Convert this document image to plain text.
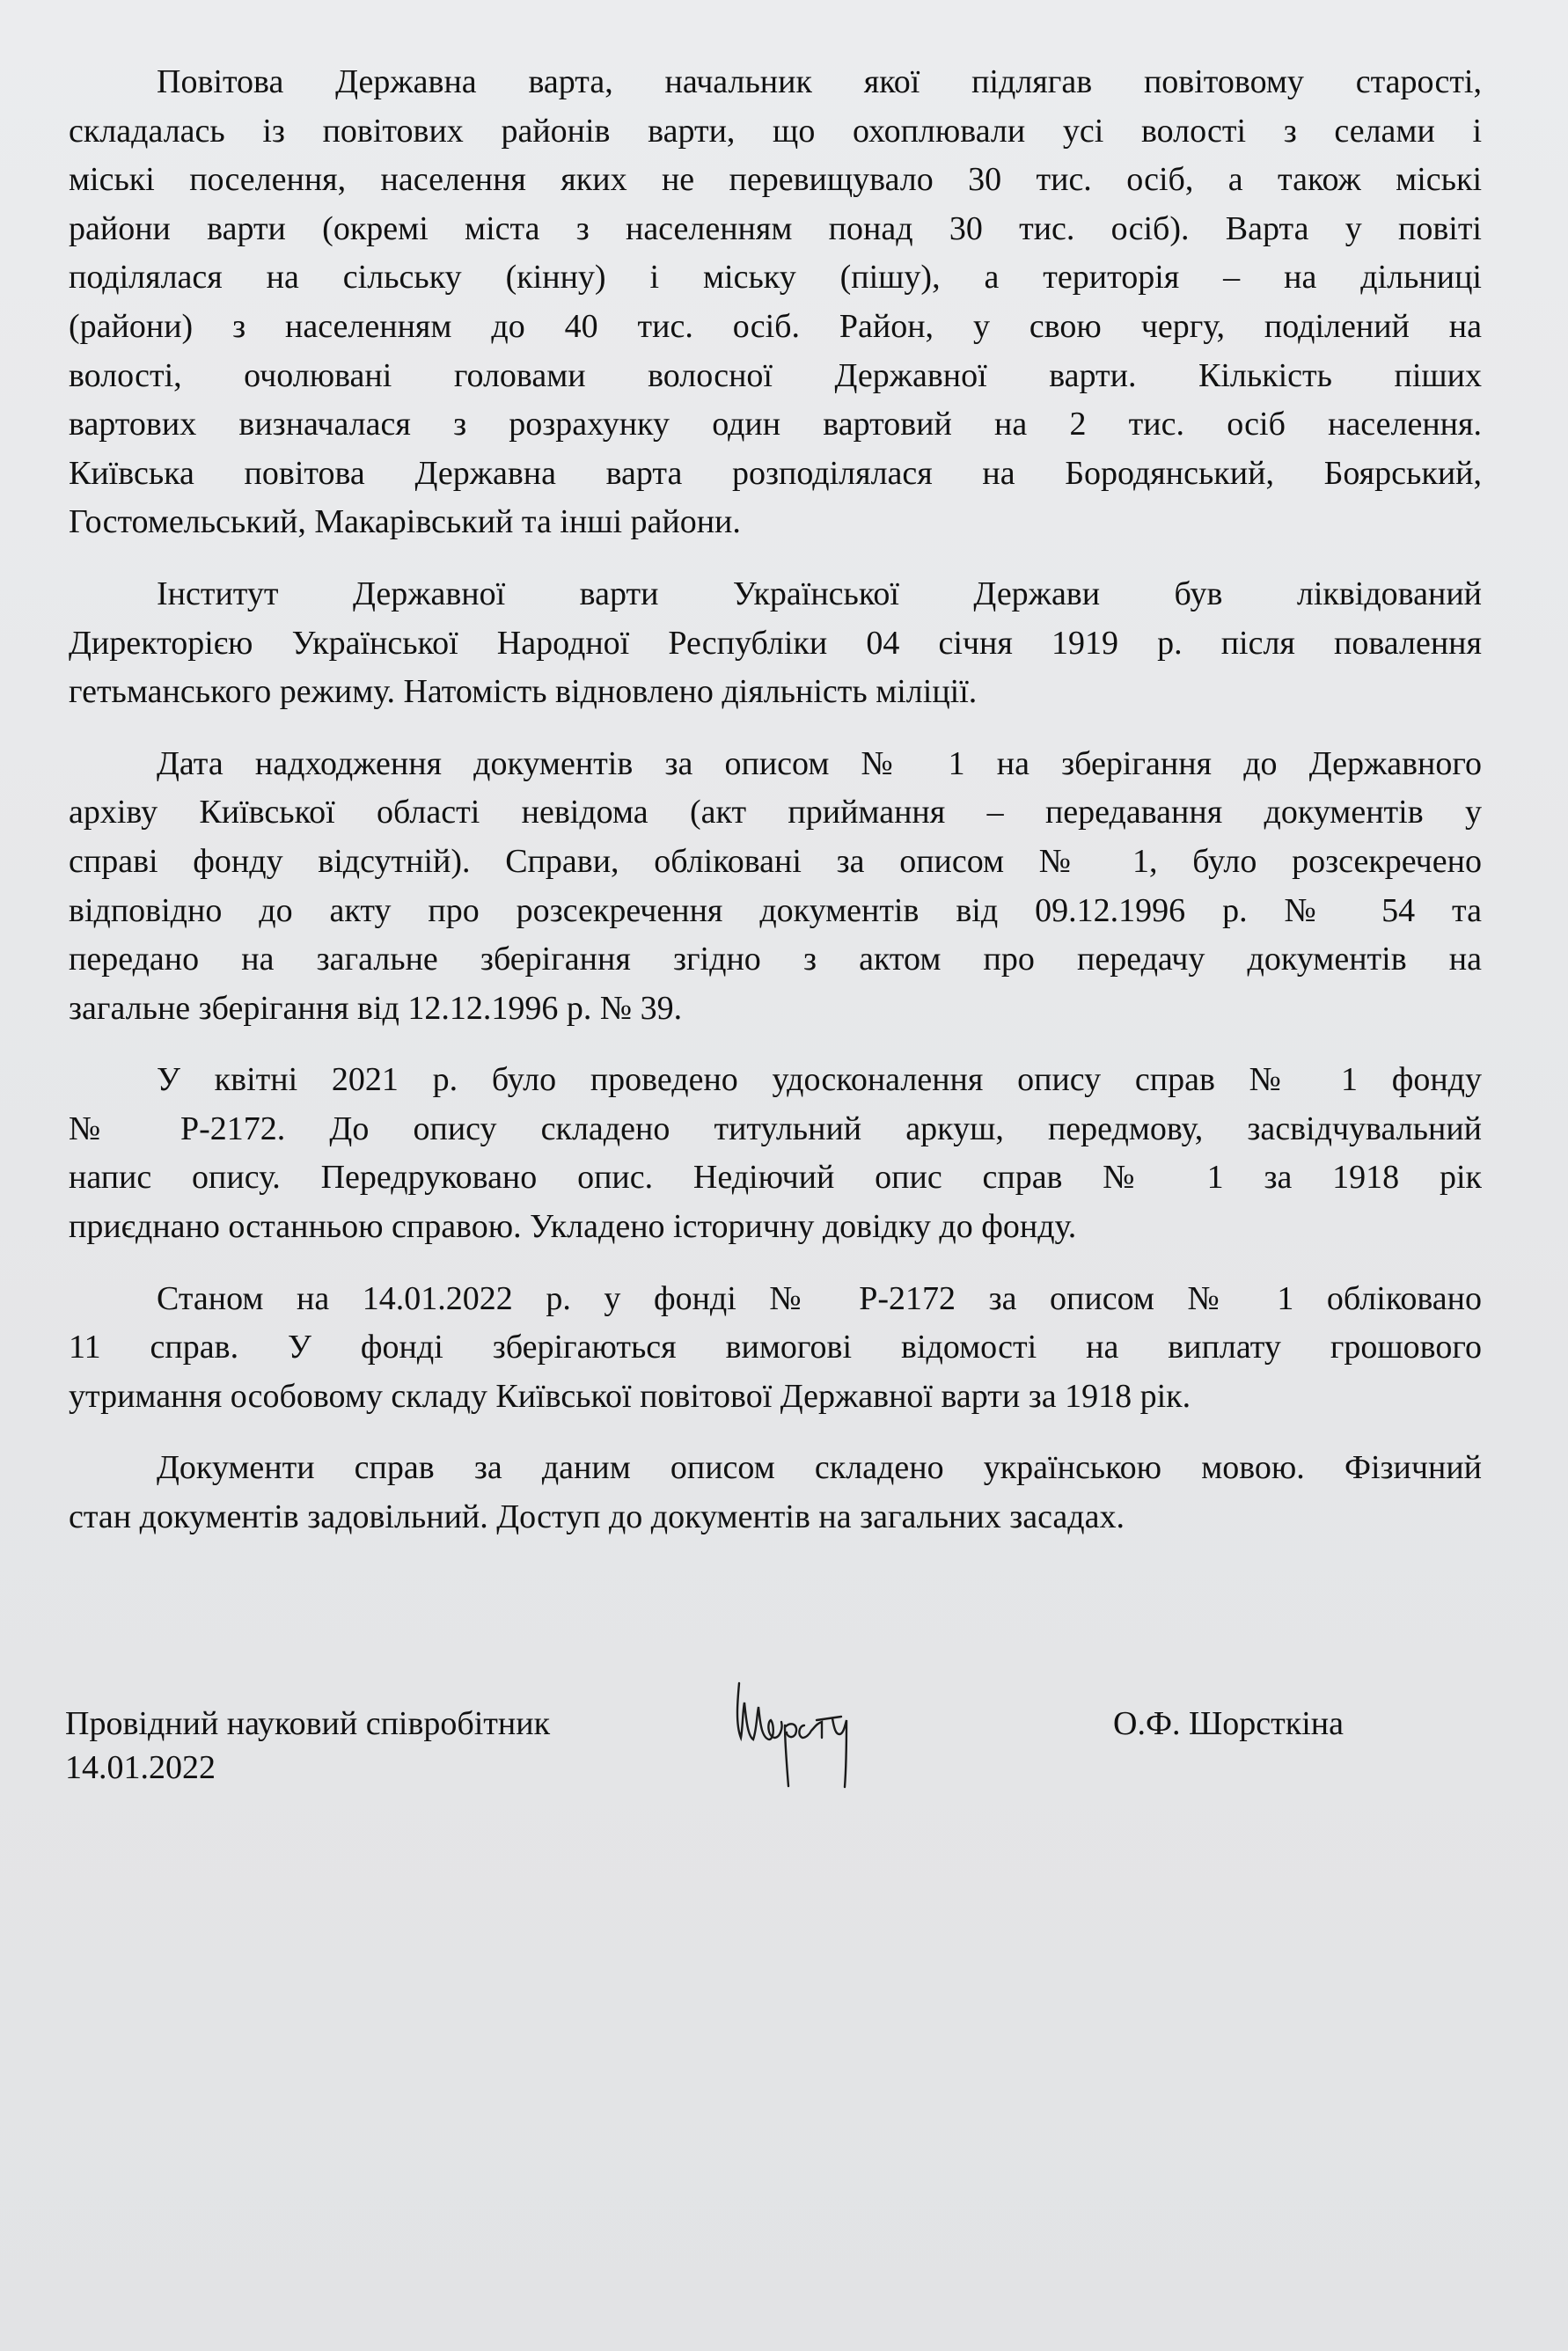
Повітова Державна варта, начальник якої підлягав повітовому старості,
складалась із повітових районів варти, що охоплювали усі волості з селами і
міські поселення, населення яких не перевищувало 30 тис. осіб, а також міські
райони варти (окремі міста з населенням понад 30 тис. осіб). Варта у повіті
поділялася на сільську (кінну) і міську (пішу), а територія – на дільниці
(райони) з населенням до 40 тис. осіб. Район, у свою чергу, поділений на
волості, очолювані головами волосної Державної варти. Кількість піших
вартових визначалася з розрахунку один вартовий на 2 тис. осіб населення.
Київська повітова Державна варта розподілялася на Бородянський, Боярський,
Гостомельський, Макарівський та інші райони.
Інститут Державної варти Української Держави був ліквідований
Директорією Української Народної Республіки 04 січня 1919 р. після повалення
гетьманського режиму. Натомість відновлено діяльність міліції.
Дата надходження документів за описом № 1 на зберігання до Державного
архіву Київської області невідома (акт приймання – передавання документів у
справі фонду відсутній). Справи, обліковані за описом № 1, було розсекречено
відповідно до акту про розсекречення документів від 09.12.1996 р. № 54 та
передано на загальне зберігання згідно з актом про передачу документів на
загальне зберігання від 12.12.1996 р. № 39.
У квітні 2021 р. було проведено удосконалення опису справ № 1 фонду
№ Р-2172. До опису складено титульний аркуш, передмову, засвідчувальний
напис опису. Передруковано опис. Недіючий опис справ № 1 за 1918 рік
приєднано останньою справою. Укладено історичну довідку до фонду.
Станом на 14.01.2022 р. у фонді № Р-2172 за описом № 1 обліковано
11 справ. У фонді зберігаються вимогові відомості на виплату грошового
утримання особовому складу Київської повітової Державної варти за 1918 рік.
Документи справ за даним описом складено українською мовою. Фізичний
стан документів задовільний. Доступ до документів на загальних засадах.
Провідний науковий співробітник
14.01.2022
О.Ф. Шорсткіна
